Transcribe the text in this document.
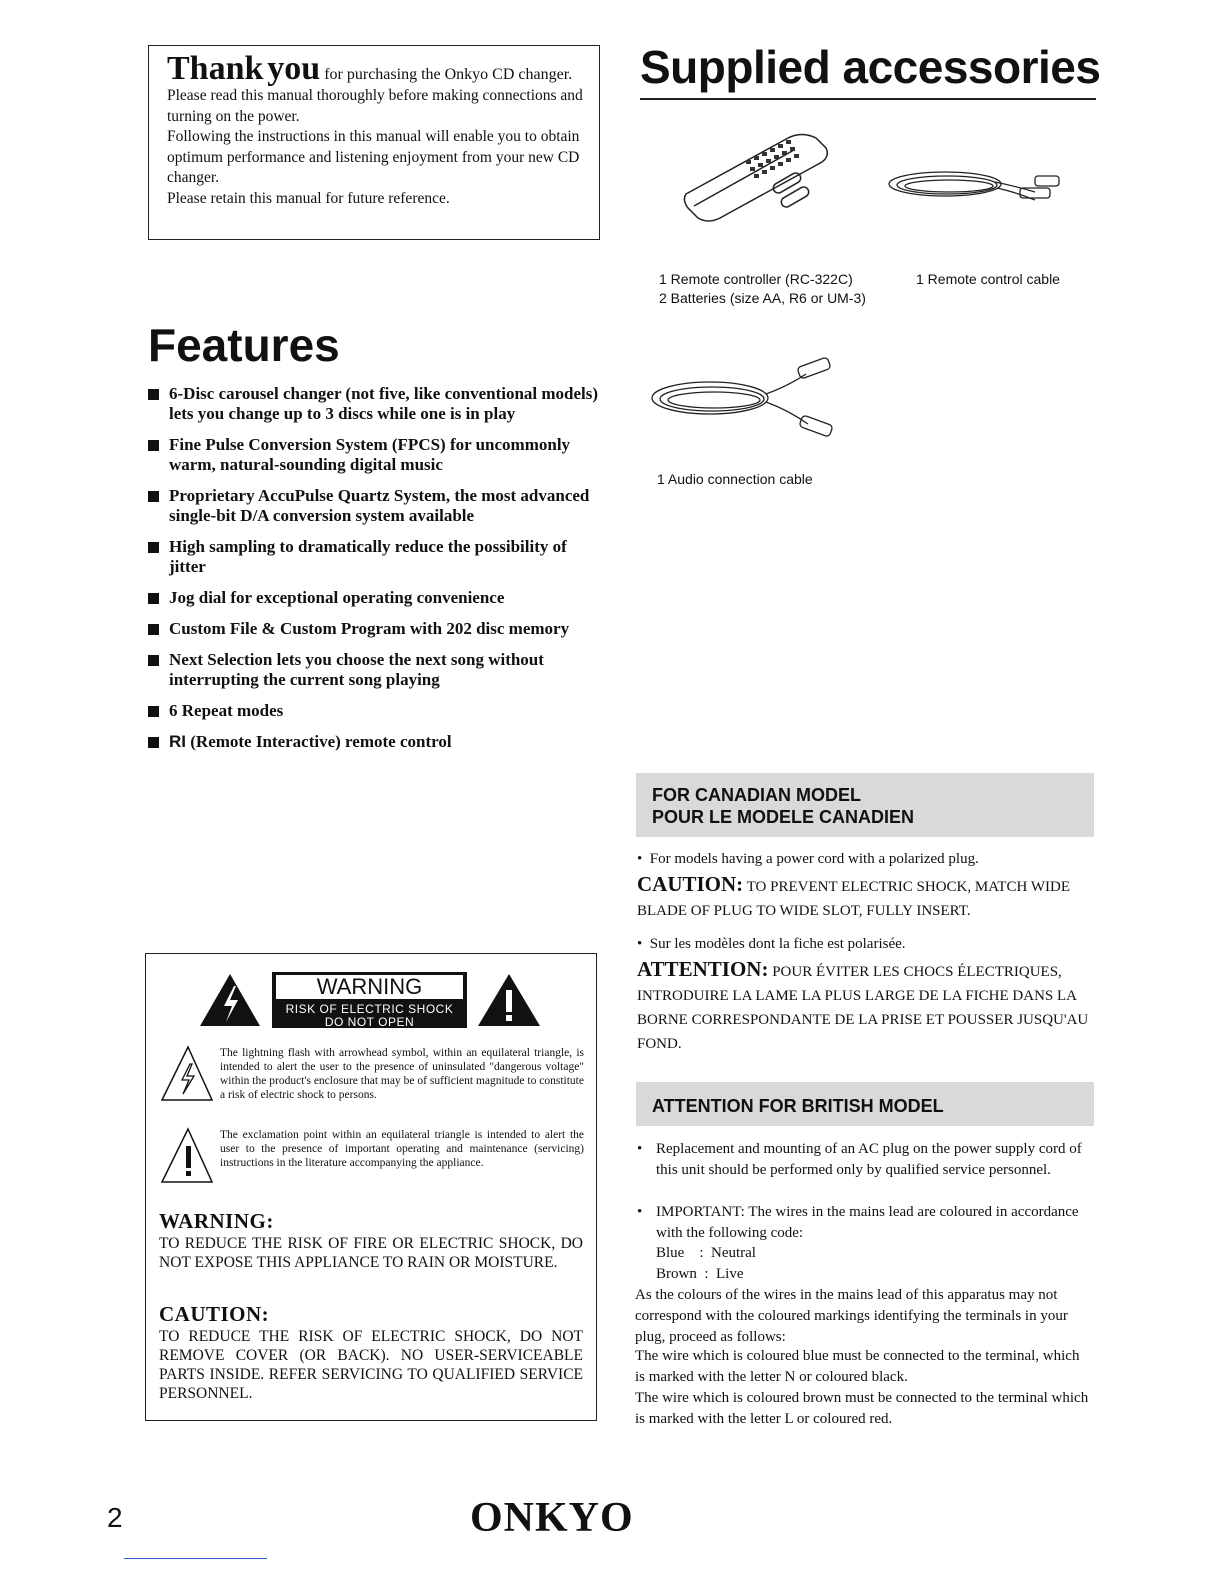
Thank you for purchasing the Onkyo CD changer.
Please read this manual thoroughly before making connections and turning on the power.
Following the instructions in this manual will enable you to obtain optimum performance and listening enjoyment from your new CD changer.
Please retain this manual for future reference.
Supplied accessories
1 Remote controller (RC-322C)
2 Batteries (size AA, R6 or UM-3)
1 Remote control cable
1 Audio connection cable
Features
6-Disc carousel changer (not five, like conventional models) lets you change up to 3 discs while one is in play
Fine Pulse Conversion System (FPCS) for uncommonly warm, natural-sounding digital music
Proprietary AccuPulse Quartz System, the most advanced single-bit D/A conversion system available
High sampling to dramatically reduce the possibility of jitter
Jog dial for exceptional operating convenience
Custom File & Custom Program with 202 disc memory
Next Selection lets you choose the next song without interrupting the current song playing
6 Repeat modes
RI (Remote Interactive) remote control
WARNING
RISK OF ELECTRIC SHOCK
DO NOT OPEN
The lightning flash with arrowhead symbol, within an equilateral triangle, is intended to alert the user to the presence of uninsulated "dangerous voltage" within the product's enclosure that may be of sufficient magnitude to constitute a risk of electric shock to persons.
The exclamation point within an equilateral triangle is intended to alert the user to the presence of important operating and maintenance (servicing) instructions in the literature accompanying the appliance.
WARNING:
TO REDUCE THE RISK OF FIRE OR ELECTRIC SHOCK, DO NOT EXPOSE THIS APPLIANCE TO RAIN OR MOISTURE.
CAUTION:
TO REDUCE THE RISK OF ELECTRIC SHOCK, DO NOT REMOVE COVER (OR BACK). NO USER-SERVICEABLE PARTS INSIDE. REFER SERVICING TO QUALIFIED SERVICE PERSONNEL.
FOR CANADIAN MODEL
POUR LE MODELE CANADIEN
•  For models having a power cord with a polarized plug.
CAUTION: TO PREVENT ELECTRIC SHOCK, MATCH WIDE BLADE OF PLUG TO WIDE SLOT, FULLY INSERT.
•  Sur les modèles dont la fiche est polarisée.
ATTENTION: POUR ÉVITER LES CHOCS ÉLECTRIQUES, INTRODUIRE LA LAME LA PLUS LARGE DE LA FICHE DANS LA BORNE CORRESPONDANTE DE LA PRISE ET POUSSER JUSQU'AU FOND.
ATTENTION FOR BRITISH MODEL
• Replacement and mounting of an AC plug on the power supply cord of this unit should be performed only by qualified service personnel.
• IMPORTANT: The wires in the mains lead are coloured in accordance with the following code:
Blue    :  Neutral
Brown  :  Live
As the colours of the wires in the mains lead of this apparatus may not correspond with the coloured markings identifying the terminals in your plug, proceed as follows:
The wire which is coloured blue must be connected to the terminal, which is marked with the letter N or coloured black.
The wire which is coloured brown must be connected to the terminal which is marked with the letter L or coloured red.
2	ONKYO
